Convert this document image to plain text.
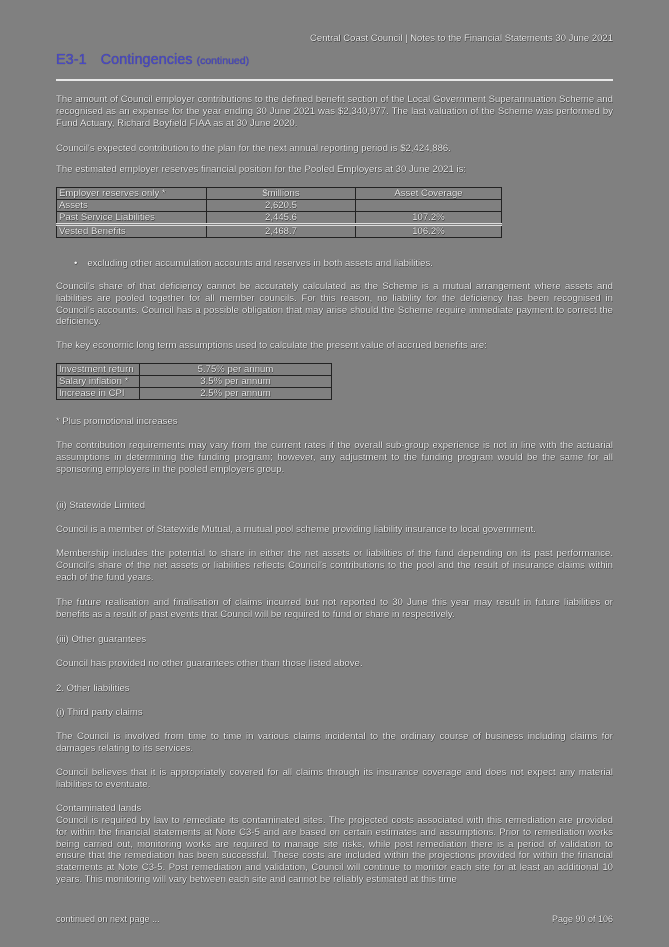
Central Coast Council | Notes to the Financial Statements 30 June 2021
E3-1 Contingencies (continued)
The amount of Council employer contributions to the defined benefit section of the Local Government Superannuation Scheme and recognised as an expense for the year ending 30 June 2021 was $2,340,977. The last valuation of the Scheme was performed by Fund Actuary, Richard Boyfield FIAA as at 30 June 2020.
Council's expected contribution to the plan for the next annual reporting period is $2,424,886.
The estimated employer reserves financial position for the Pooled Employers at 30 June 2021 is:
Employer reserves only *	$millions	Asset Coverage
Assets	2,620.5	
Past Service Liabilities	2,445.6	107.2%
Vested Benefits	2,468.7	106.2%
• excluding other accumulation accounts and reserves in both assets and liabilities.
Council's share of that deficiency cannot be accurately calculated as the Scheme is a mutual arrangement where assets and liabilities are pooled together for all member councils. For this reason, no liability for the deficiency has been recognised in Council's accounts. Council has a possible obligation that may arise should the Scheme require immediate payment to correct the deficiency.
The key economic long term assumptions used to calculate the present value of accrued benefits are:
Investment return	5.75% per annum
Salary inflation *	3.5% per annum
Increase in CPI	2.5% per annum
* Plus promotional increases
The contribution requirements may vary from the current rates if the overall sub-group experience is not in line with the actuarial assumptions in determining the funding program; however, any adjustment to the funding program would be the same for all sponsoring employers in the pooled employers group.
(ii) Statewide Limited
Council is a member of Statewide Mutual, a mutual pool scheme providing liability insurance to local government.
Membership includes the potential to share in either the net assets or liabilities of the fund depending on its past performance. Council's share of the net assets or liabilities reflects Council's contributions to the pool and the result of insurance claims within each of the fund years.
The future realisation and finalisation of claims incurred but not reported to 30 June this year may result in future liabilities or benefits as a result of past events that Council will be required to fund or share in respectively.
(iii) Other guarantees
Council has provided no other guarantees other than those listed above.
2. Other liabilities
(i) Third party claims
The Council is involved from time to time in various claims incidental to the ordinary course of business including claims for damages relating to its services.
Council believes that it is appropriately covered for all claims through its insurance coverage and does not expect any material liabilities to eventuate.
Contaminated lands
Council is required by law to remediate its contaminated sites. The projected costs associated with this remediation are provided for within the financial statements at Note C3-5 and are based on certain estimates and assumptions. Prior to remediation works being carried out, monitoring works are required to manage site risks, while post remediation there is a period of validation to ensure that the remediation has been successful. These costs are included within the projections provided for within the financial statements at Note C3-5. Post remediation and validation, Council will continue to monitor each site for at least an additional 10 years. This monitoring will vary between each site and cannot be reliably estimated at this time
continued on next page ...	Page 90 of 106
